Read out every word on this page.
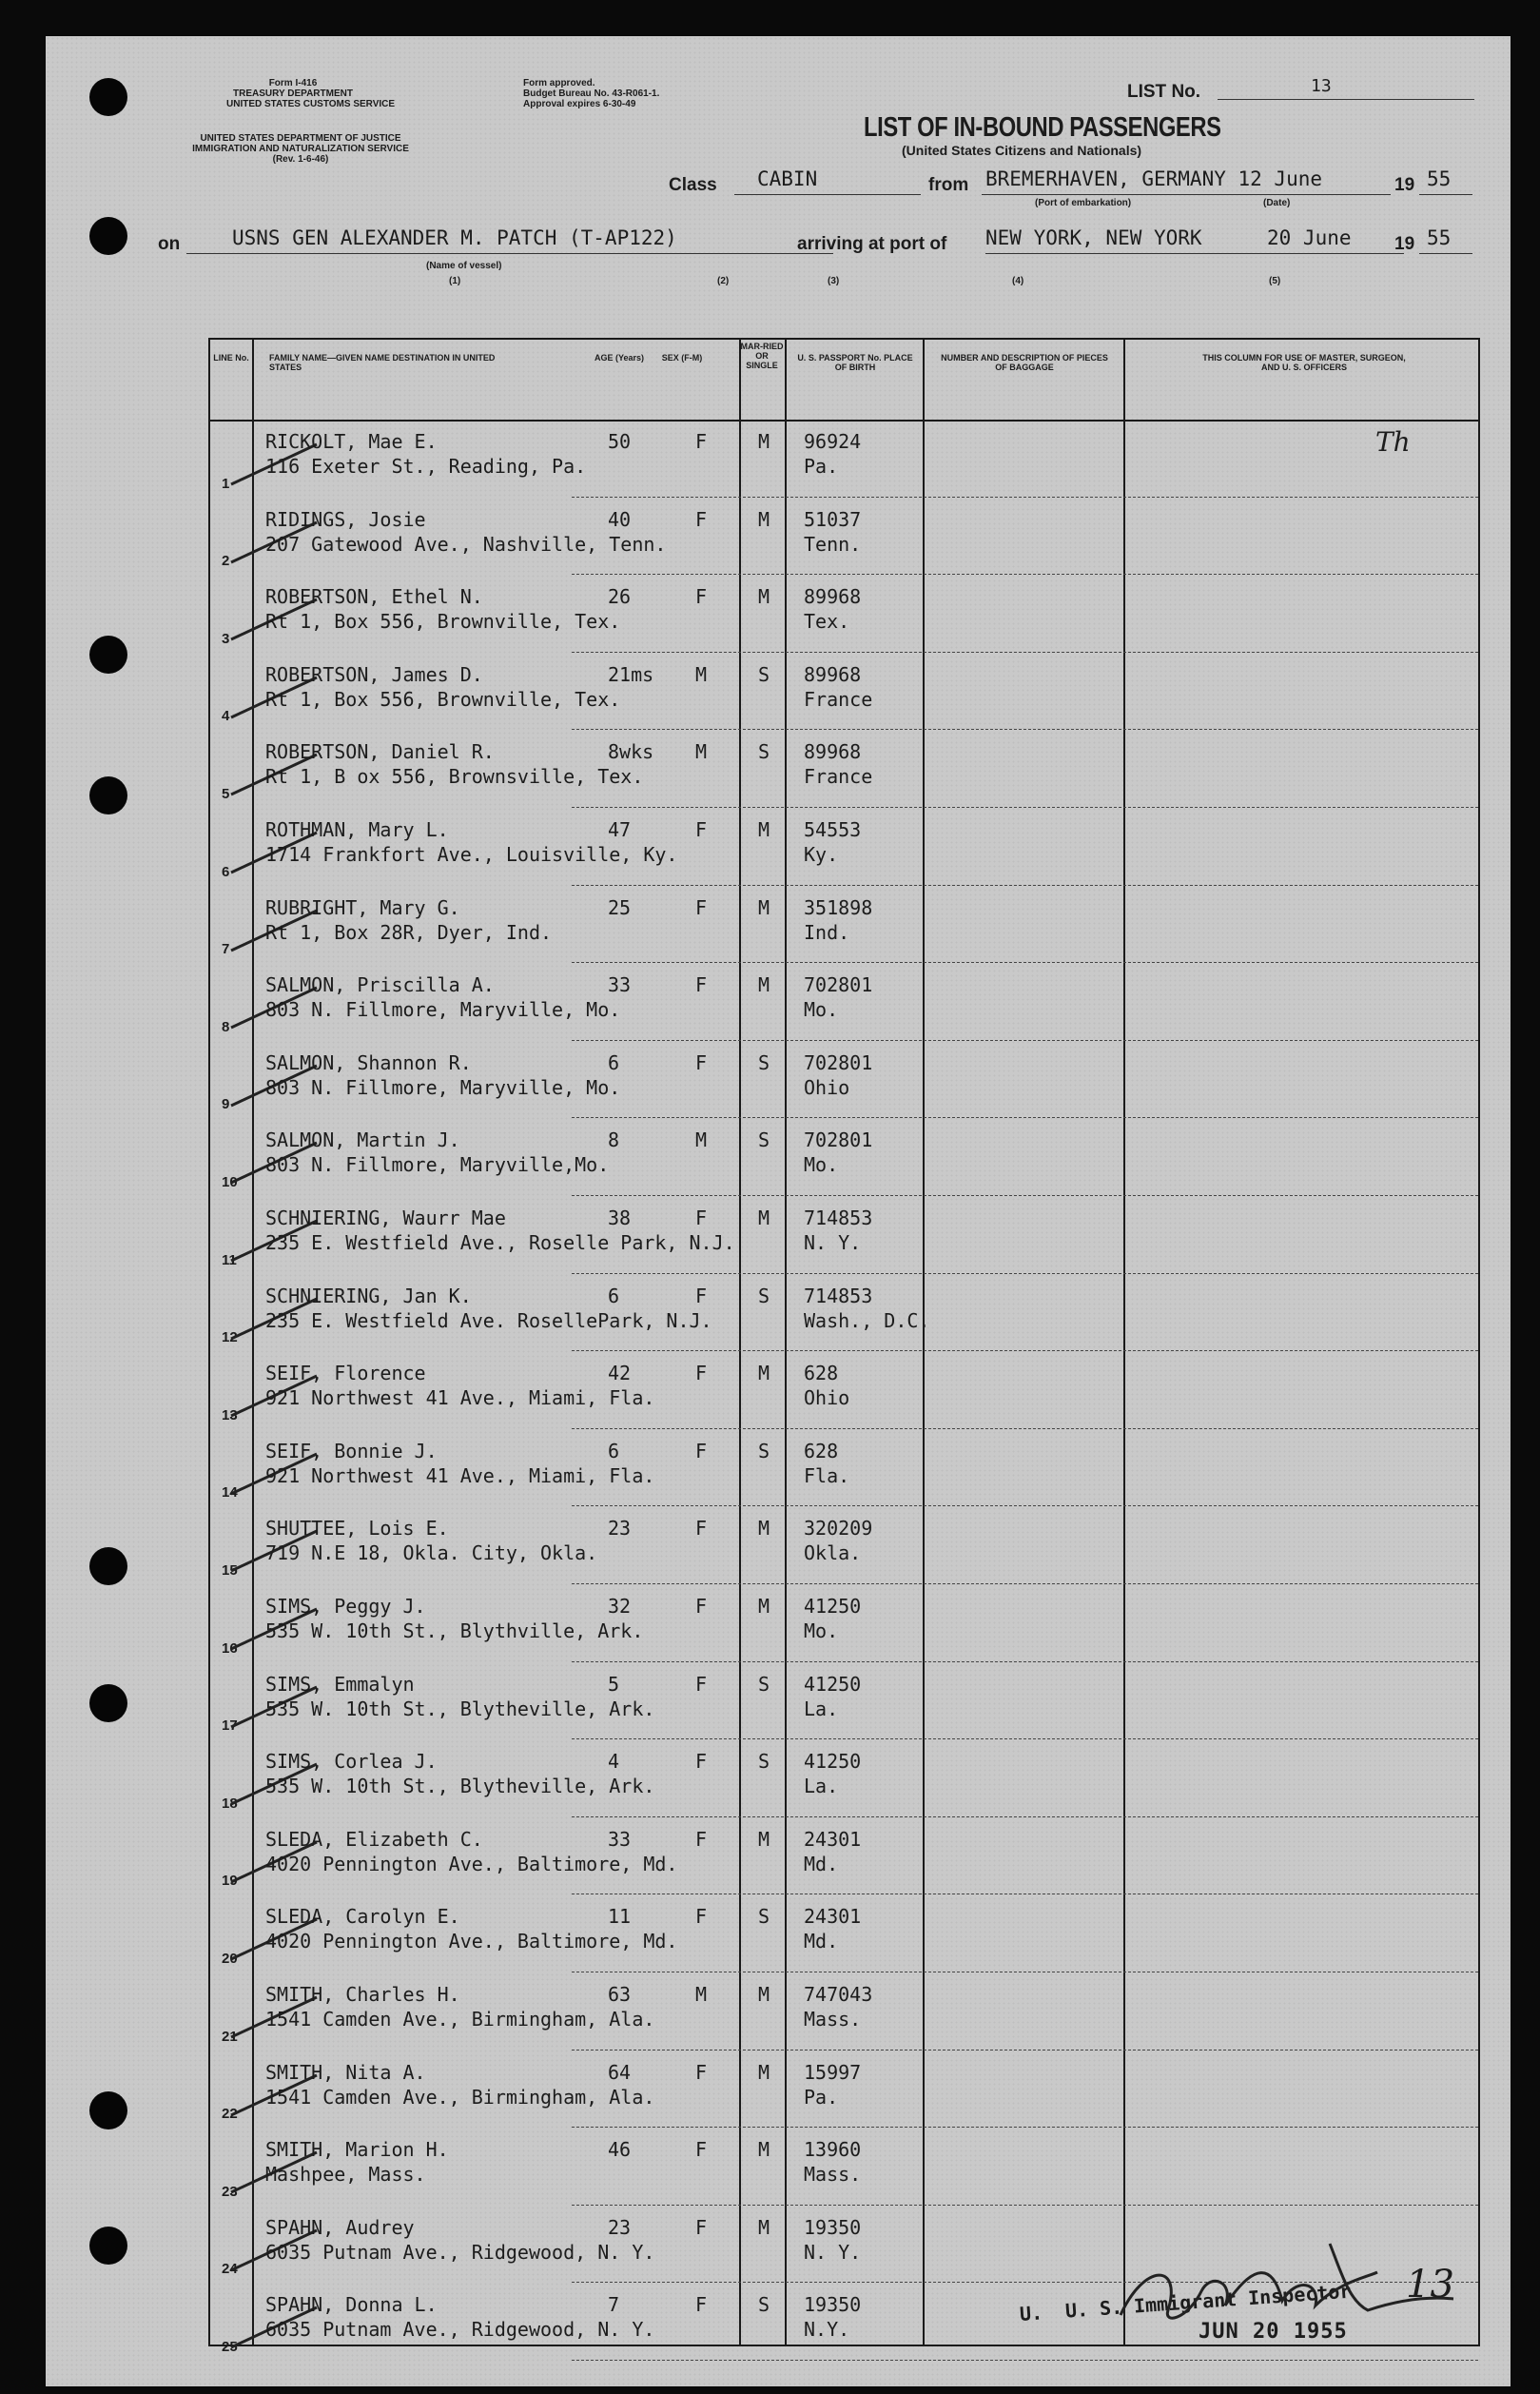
Form I-416
TREASURY DEPARTMENT
UNITED STATES CUSTOMS SERVICE
Form approved.
Budget Bureau No. 43-R061-1.
Approval expires 6-30-49
UNITED STATES DEPARTMENT OF JUSTICE
IMMIGRATION AND NATURALIZATION SERVICE
(Rev. 1-6-46)
LIST No.	13
LIST OF IN-BOUND PASSENGERS
(United States Citizens and Nationals)
Class CABIN	from BREMERHAVEN, GERMANY 12 June
(Port of embarkation)	(Date)
19 55
on	USNS GEN ALEXANDER M. PATCH (T-AP122)
(Name of vessel)
arriving at port of NEW YORK, NEW YORK	20 June 19 55
(1)	(2)	(3)	(4)	(5)
LINE No.	FAMILY NAME—GIVEN NAME DESTINATION IN UNITED STATES
AGE (Years)	SEX (F-M)
MAR-RIED OR SINGLE
U. S. PASSPORT No. PLACE OF BIRTH
NUMBER AND DESCRIPTION OF PIECES OF BAGGAGE
THIS COLUMN FOR USE OF MASTER, SURGEON, AND U. S. OFFICERS
1
RICKOLT, Mae E.
116 Exeter St., Reading, Pa.
50	F	M 96924
Pa.
2
RIDINGS, Josie
207 Gatewood Ave., Nashville, Tenn.
40	F	M 51037
Tenn.
3
ROBERTSON, Ethel N.
Rt 1, Box 556, Brownville, Tex.
26	F	M 89968
Tex.
4
ROBERTSON, James D.
Rt 1, Box 556, Brownville, Tex.
21ms M	S 89968
France
5
ROBERTSON, Daniel R.
Rt 1, B ox 556, Brownsville, Tex.
8wks M	S 89968
France
6
ROTHMAN, Mary L.
1714 Frankfort Ave., Louisville, Ky.
47	F	M 54553
Ky.
7
RUBRIGHT, Mary G.
Rt 1, Box 28R, Dyer, Ind.
25	F	M 351898
Ind.
8
SALMON, Priscilla A.
803 N. Fillmore, Maryville, Mo.
33	F	M 702801
Mo.
9
SALMON, Shannon R.
803 N. Fillmore, Maryville, Mo.
6	F	S 702801
Ohio
10
SALMON, Martin J.
803 N. Fillmore, Maryville,Mo.
8	M	S 702801
Mo.
11
SCHNIERING, Waurr Mae
235 E. Westfield Ave., Roselle Park, N.J.
38	F	M 714853
N. Y.
12
SCHNIERING, Jan K.
235 E. Westfield Ave. RosellePark, N.J.
6	F	S 714853
Wash., D.C.
13
SEIF, Florence
921 Northwest 41 Ave., Miami, Fla.
42	F	M 628
Ohio
14
SEIF, Bonnie J.
921 Northwest 41 Ave., Miami, Fla.
6	F	S 628
Fla.
15
SHUTTEE, Lois E.
719 N.E 18, Okla. City, Okla.
23	F	M 320209
Okla.
16
SIMS, Peggy J.
535 W. 10th St., Blythville, Ark.
32	F	M 41250
Mo.
17
SIMS, Emmalyn
535 W. 10th St., Blytheville, Ark.
5	F	S 41250
La.
18
SIMS, Corlea J.
535 W. 10th St., Blytheville, Ark.
4	F	S 41250
La.
19
SLEDA, Elizabeth C.
4020 Pennington Ave., Baltimore, Md.
33	F	M 24301
Md.
20
SLEDA, Carolyn E.
4020 Pennington Ave., Baltimore, Md.
11	F	S 24301
Md.
21
SMITH, Charles H.
1541 Camden Ave., Birmingham, Ala.
63	M	M 747043
Mass.
22
SMITH, Nita A.
1541 Camden Ave., Birmingham, Ala.
64	F	M 15997
Pa.
23
SMITH, Marion H.
Mashpee, Mass.
46	F	M 13960
Mass.
24
SPAHN, Audrey
6035 Putnam Ave., Ridgewood, N. Y.
23	F	M 19350
N. Y.
25
SPAHN, Donna L.
6035 Putnam Ave., Ridgewood, N. Y.
7	F	S 19350
N.Y.
Th
U. U. S. Immigrant Inspector
JUN 20 1955
13
